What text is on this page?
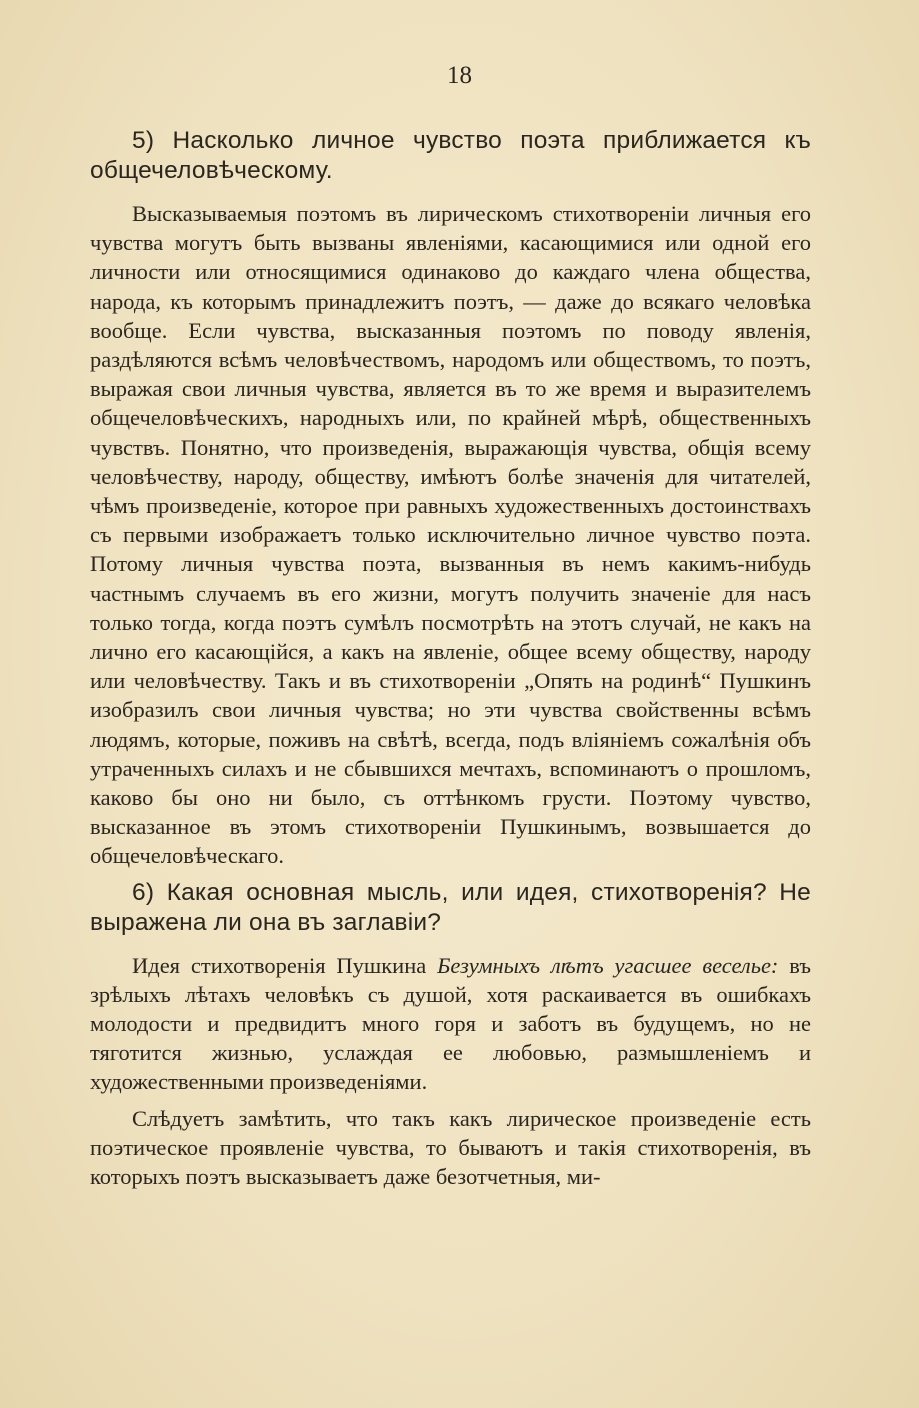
18
5) Насколько личное чувство поэта приближается къ общечеловѣческому.
Высказываемыя поэтомъ въ лирическомъ стихотвореніи личныя его чувства могутъ быть вызваны явленіями, касающимися или одной его личности или относящимися одинаково до каждаго члена общества, народа, къ которымъ принадлежитъ поэтъ, — даже до всякаго человѣка вообще. Если чувства, высказанныя поэтомъ по поводу явленія, раздѣляются всѣмъ человѣчествомъ, народомъ или обществомъ, то поэтъ, выражая свои личныя чувства, является въ то же время и выразителемъ общечеловѣческихъ, народныхъ или, по крайней мѣрѣ, общественныхъ чувствъ. Понятно, что произведенія, выражающія чувства, общія всему человѣчеству, народу, обществу, имѣютъ болѣе значенія для читателей, чѣмъ произведеніе, которое при равныхъ художественныхъ достоинствахъ съ первыми изображаетъ только исключительно личное чувство поэта. Потому личныя чувства поэта, вызванныя въ немъ какимъ-нибудь частнымъ случаемъ въ его жизни, могутъ получить значеніе для насъ только тогда, когда поэтъ сумѣлъ посмотрѣть на этотъ случай, не какъ на лично его касающійся, а какъ на явленіе, общее всему обществу, народу или человѣчеству. Такъ и въ стихотвореніи „Опять на родинѣ“ Пушкинъ изобразилъ свои личныя чувства; но эти чувства свойственны всѣмъ людямъ, которые, поживъ на свѣтѣ, всегда, подъ вліяніемъ сожалѣнія объ утраченныхъ силахъ и не сбывшихся мечтахъ, вспоминаютъ о прошломъ, каково бы оно ни было, съ оттѣнкомъ грусти. Поэтому чувство, высказанное въ этомъ стихотвореніи Пушкинымъ, возвышается до общечеловѣческаго.
6) Какая основная мысль, или идея, стихотворенія? Не выражена ли она въ заглавіи?
Идея стихотворенія Пушкина Безумныхъ лѣтъ угасшее веселье: въ зрѣлыхъ лѣтахъ человѣкъ съ душой, хотя раскаивается въ ошибкахъ молодости и предвидитъ много горя и заботъ въ будущемъ, но не тяготится жизнью, услаждая ее любовью, размышленіемъ и художественными произведеніями.
Слѣдуетъ замѣтить, что такъ какъ лирическое произведеніе есть поэтическое проявленіе чувства, то бываютъ и такія стихотворенія, въ которыхъ поэтъ высказываетъ даже безотчетныя, ми-
